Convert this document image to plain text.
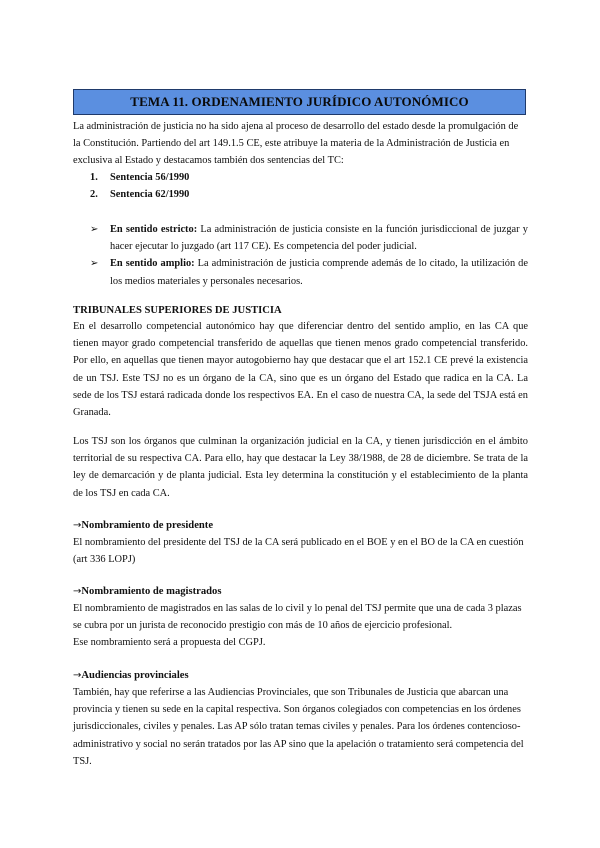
TEMA 11. ORDENAMIENTO JURÍDICO AUTONÓMICO
La administración de justicia no ha sido ajena al proceso de desarrollo del estado desde la promulgación de la Constitución. Partiendo del art 149.1.5 CE, este atribuye la materia de la Administración de Justicia en exclusiva al Estado y destacamos también dos sentencias del TC:
1.	Sentencia 56/1990
2.	Sentencia 62/1990
➢	En sentido estricto: La administración de justicia consiste en la función jurisdiccional de juzgar y hacer ejecutar lo juzgado (art 117 CE). Es competencia del poder judicial.
➢	En sentido amplio: La administración de justicia comprende además de lo citado, la utilización de los medios materiales y personales necesarios.
TRIBUNALES SUPERIORES DE JUSTICIA
En el desarrollo competencial autonómico hay que diferenciar dentro del sentido amplio, en las CA que tienen mayor grado competencial transferido de aquellas que tienen menos grado competencial transferido. Por ello, en aquellas que tienen mayor autogobierno hay que destacar que el art 152.1 CE prevé la existencia de un TSJ. Este TSJ no es un órgano de la CA, sino que es un órgano del Estado que radica en la CA. La sede de los TSJ estará radicada donde los respectivos EA. En el caso de nuestra CA, la sede del TSJA está en Granada.
Los TSJ son los órganos que culminan la organización judicial en la CA, y tienen jurisdicción en el ámbito territorial de su respectiva CA. Para ello, hay que destacar la Ley 38/1988, de 28 de diciembre. Se trata de la ley de demarcación y de planta judicial. Esta ley determina la constitución y el establecimiento de la planta de los TSJ en cada CA.
→Nombramiento de presidente
El nombramiento del presidente del TSJ de la CA será publicado en el BOE y en el BO de la CA en cuestión (art 336 LOPJ)
→Nombramiento de magistrados
El nombramiento de magistrados en las salas de lo civil y lo penal del TSJ permite que una de cada 3 plazas se cubra por un jurista de reconocido prestigio con más de 10 años de ejercicio profesional.
Ese nombramiento será a propuesta del CGPJ.
→Audiencias provinciales
También, hay que referirse a las Audiencias Provinciales, que son Tribunales de Justicia que abarcan una provincia y tienen su sede en la capital respectiva. Son órganos colegiados con competencias en los órdenes jurisdiccionales, civiles y penales. Las AP sólo tratan temas civiles y penales. Para los órdenes contencioso-administrativo y social no serán tratados por las AP sino que la apelación o tratamiento será competencia del TSJ.
